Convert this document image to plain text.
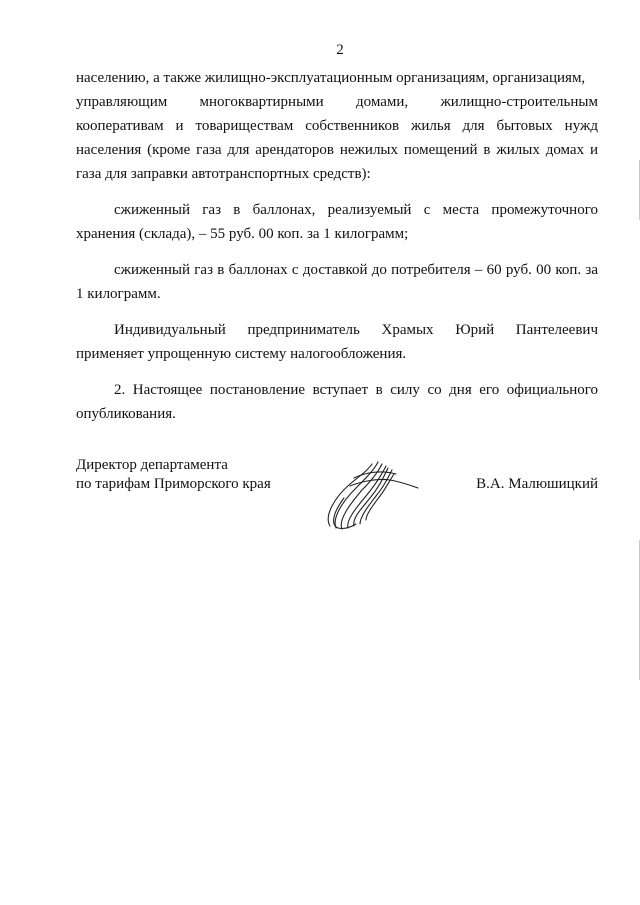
2

населению, а также жилищно-эксплуатационным организациям, организациям,

управляющим многоквартирными домами, жилищно-строительным

кооперативам и товариществам собственников жилья для бытовых нужд населения (кроме газа для арендаторов нежилых помещений в жилых домах и газа для заправки автотранспортных средств):

сжиженный газ в баллонах, реализуемый с места промежуточного хранения (склада), – 55 руб. 00 коп. за 1 килограмм;

сжиженный газ в баллонах с доставкой до потребителя – 60 руб. 00 коп. за 1 килограмм.

Индивидуальный предприниматель Храмых Юрий Пантелеевич

применяет упрощенную систему налогообложения.

2. Настоящее постановление вступает в силу со дня его официального опубликования.

Директор департамента
по тарифам Приморского края	В.А. Малюшицкий
